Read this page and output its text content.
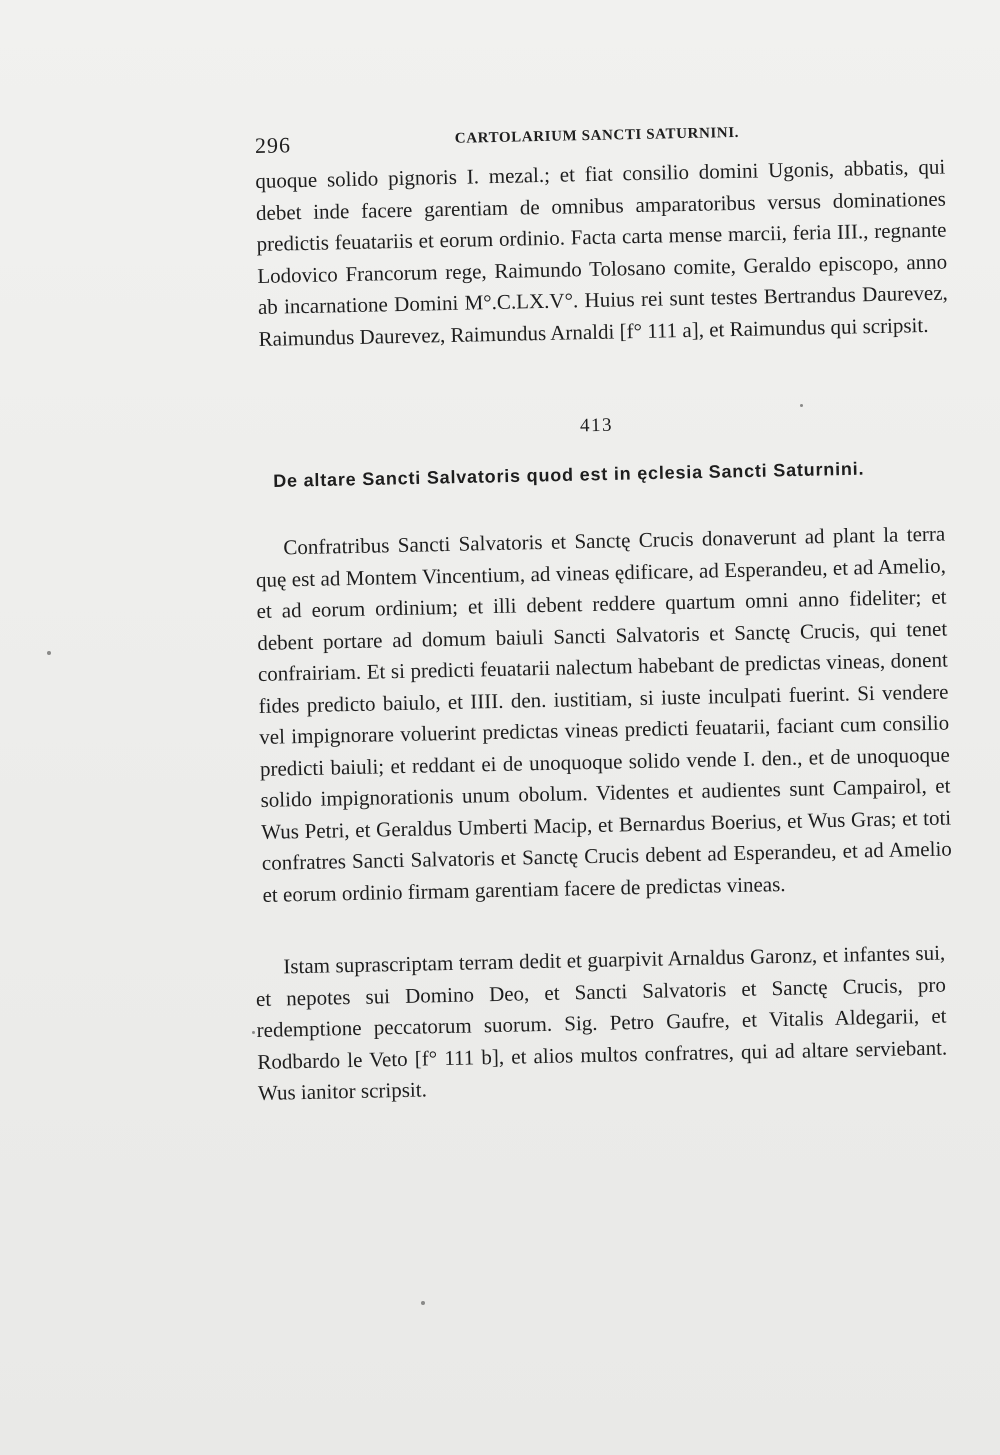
296	CARTOLARIUM SANCTI SATURNINI.

quoque solido pignoris I. mezal.; et fiat consilio domini Ugonis, abbatis, qui debet inde facere garentiam de omnibus amparatoribus versus dominationes predictis feuatariis et eorum ordinio. Facta carta mense marcii, feria III., regnante Lodovico Francorum rege, Raimundo Tolosano comite, Geraldo episcopo, anno ab incarnatione Domini M°.C.LX.V°. Huius rei sunt testes Bertrandus Daurevez, Raimundus Daurevez, Raimundus Arnaldi [f° 111 a], et Raimundus qui scripsit.

413
De altare Sancti Salvatoris quod est in ęclesia Sancti Saturnini.

Confratribus Sancti Salvatoris et Sanctę Crucis donaverunt ad plant la terra quę est ad Montem Vincentium, ad vineas ędificare, ad Esperandeu, et ad Amelio, et ad eorum ordinium; et illi debent reddere quartum omni anno fideliter; et debent portare ad domum baiuli Sancti Salvatoris et Sanctę Crucis, qui tenet confrairiam. Et si predicti feuatarii nalectum habebant de predictas vineas, donent fides predicto baiulo, et IIII. den. iustitiam, si iuste inculpati fuerint. Si vendere vel impignorare voluerint predictas vineas predicti feuatarii, faciant cum consilio predicti baiuli; et reddant ei de unoquoque solido vende I. den., et de unoquoque solido impignorationis unum obolum. Videntes et audientes sunt Campairol, et Wus Petri, et Geraldus Umberti Macip, et Bernardus Boerius, et Wus Gras; et toti confratres Sancti Salvatoris et Sanctę Crucis debent ad Esperandeu, et ad Amelio et eorum ordinio firmam garentiam facere de predictas vineas.

Istam suprascriptam terram dedit et guarpivit Arnaldus Garonz, et infantes sui, et nepotes sui Domino Deo, et Sancti Salvatoris et Sanctę Crucis, pro redemptione peccatorum suorum. Sig. Petro Gaufre, et Vitalis Aldegarii, et Rodbardo le Veto [f° 111 b], et alios multos confratres, qui ad altare serviebant. Wus ianitor scripsit.
